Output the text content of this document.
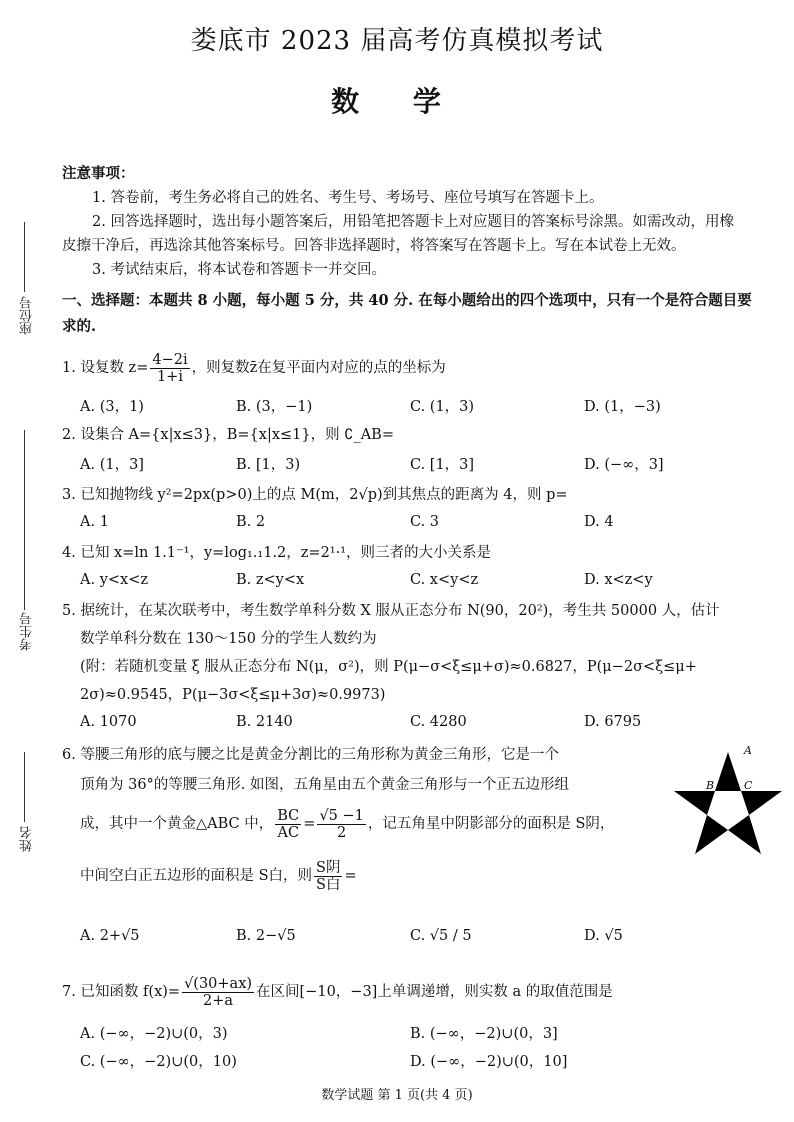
娄底市 2023 届高考仿真模拟考试
数 学
座位号
考生号
姓名
注意事项：
1. 答卷前，考生务必将自己的姓名、考生号、考场号、座位号填写在答题卡上。
2. 回答选择题时，选出每小题答案后，用铅笔把答题卡上对应题目的答案标号涂黑。如需改动，用橡
皮擦干净后，再选涂其他答案标号。回答非选择题时，将答案写在答题卡上。写在本试卷上无效。
3. 考试结束后，将本试卷和答题卡一并交回。
一、选择题：本题共 8 小题，每小题 5 分，共 40 分. 在每小题给出的四个选项中，只有一个是符合题目要
求的.
1. 设复数 $z= \frac{4-2i}{1+i}$ ，则复数z̄在复平面内对应的点的坐标为
A. (3，1)	B. (3，−1)	C. (1，3)	D. (1，−3)
2. 设集合 A={x|x≤3}，B={x|x≤1}，则 ∁_AB=
A. (1，3]	B. [1，3)	C. [1，3]	D. (−∞，3]
3. 已知抛物线 y²=2px(p>0)上的点 M(m，2√p)到其焦点的距离为 4，则 p=
A. 1	B. 2	C. 3	D. 4
4. 已知 x=ln 1.1⁻¹，y=log₁.₁1.2，z=2¹·¹，则三者的大小关系是
A. y<x<z	B. z<y<x	C. x<y<z	D. x<z<y
5. 据统计，在某次联考中，考生数学单科分数 X 服从正态分布 N(90，20²)，考生共 50000 人，估计
数学单科分数在 130～150 分的学生人数约为
(附：若随机变量 ξ 服从正态分布 N(μ，σ²)，则 P(μ−σ<ξ≤μ+σ)≈0.6827，P(μ−2σ<ξ≤μ+
2σ)≈0.9545，P(μ−3σ<ξ≤μ+3σ)≈0.9973)
A. 1070	B. 2140	C. 4280	D. 6795
6. 等腰三角形的底与腰之比是黄金分割比的三角形称为黄金三角形，它是一个
顶角为 36°的等腰三角形. 如图，五角星由五个黄金三角形与一个正五边形组
成，其中一个黄金△ABC 中， $\frac{BC}{AC} = \frac{√5 -1}{2}$ ，记五角星中阴影部分的面积是 S阴，
中间空白正五边形的面积是 S白，则 $\frac{\text{S阴}}{\text{S白}}$ =
A
B	C
A. 2+√5	B. 2−√5	C. √5 / 5	D. √5
7. 已知函数 $f(x)= \frac{√(30+ax)}{2+a}$ 在区间[−10，−3]上单调递增，则实数 a 的取值范围是
A. (−∞，−2)∪(0，3)	B. (−∞，−2)∪(0，3]
C. (−∞，−2)∪(0，10)	D. (−∞，−2)∪(0，10]
数学试题 第 1 页(共 4 页)
